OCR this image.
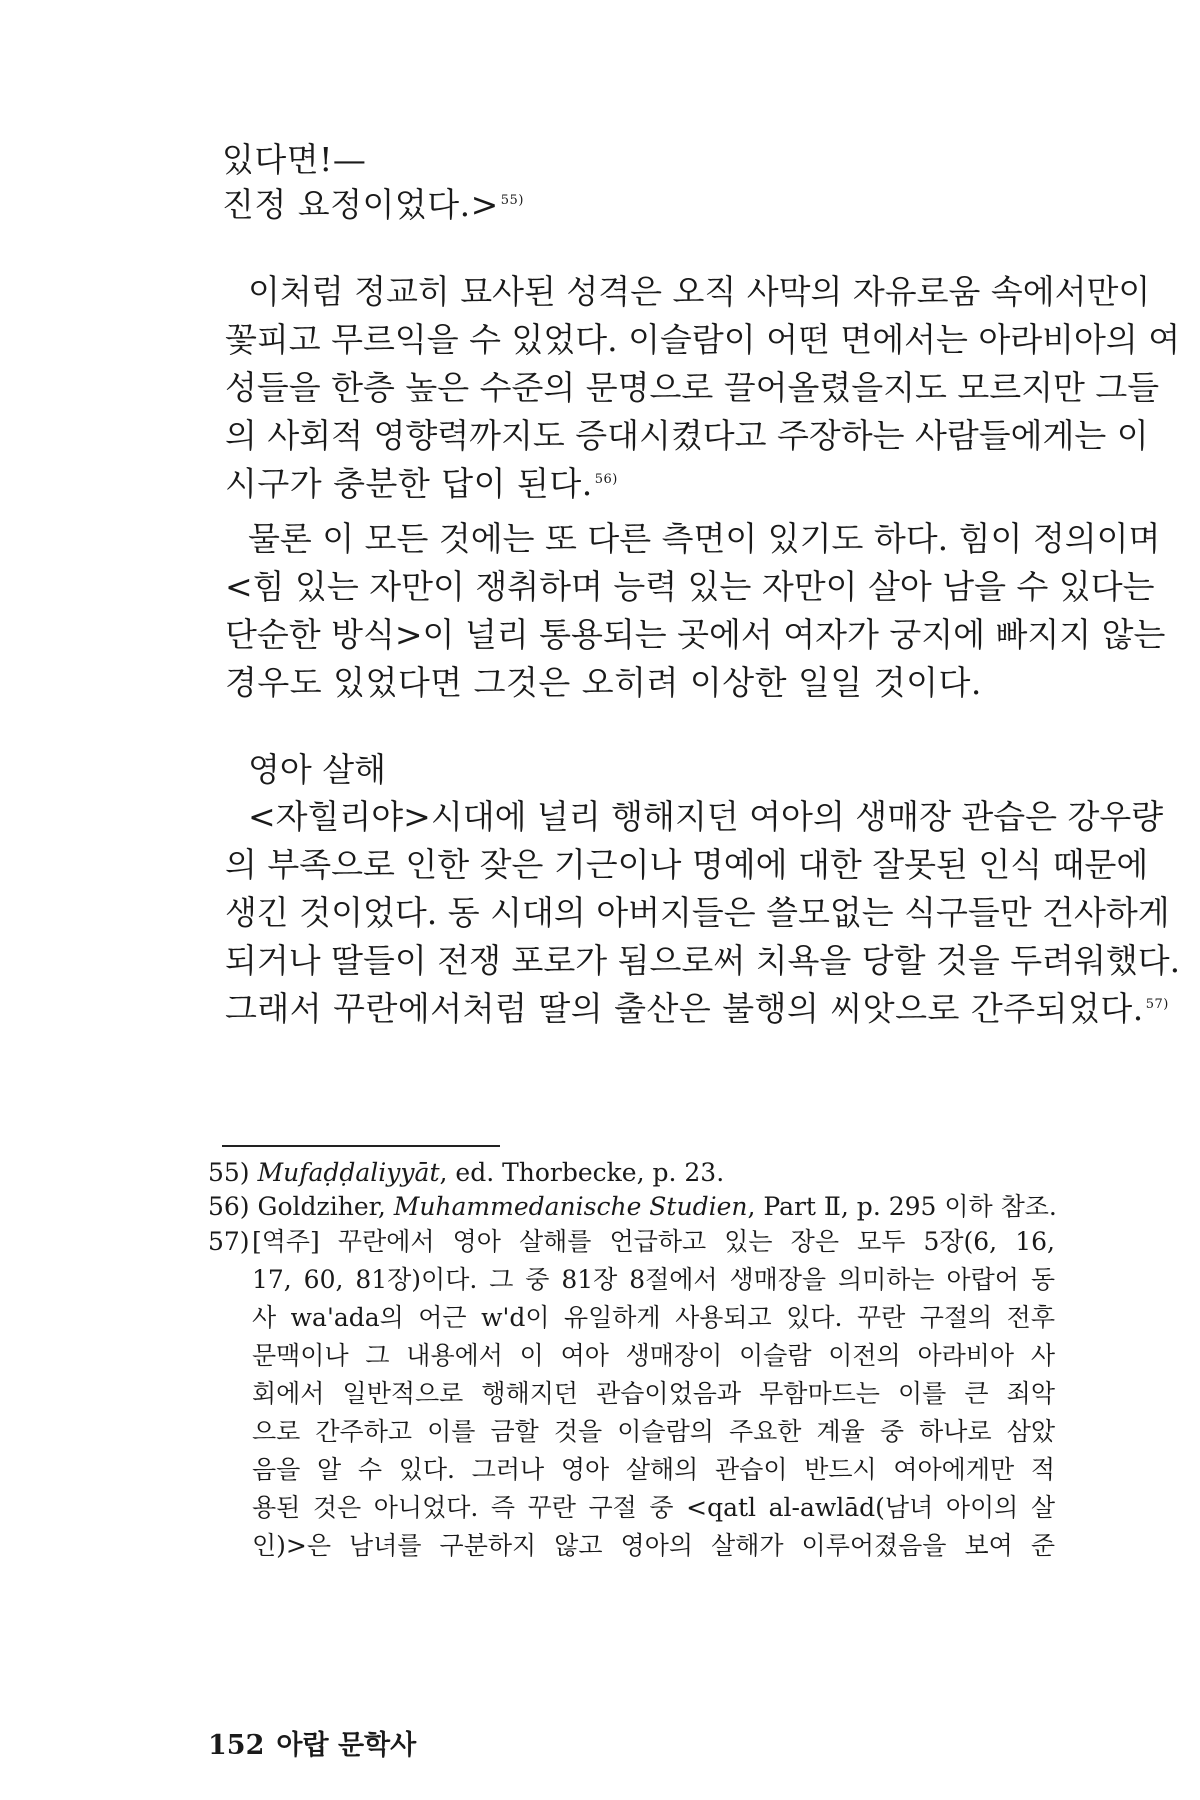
있다면!—
진정 요정이었다.> $^{55)}$
이처럼 정교히 묘사된 성격은 오직 사막의 자유로움 속에서만이
꽃피고 무르익을 수 있었다. 이슬람이 어떤 면에서는 아라비아의 여
성들을 한층 높은 수준의 문명으로 끌어올렸을지도 모르지만 그들
의 사회적 영향력까지도 증대시켰다고 주장하는 사람들에게는 이
시구가 충분한 답이 된다. $^{56)}$
물론 이 모든 것에는 또 다른 측면이 있기도 하다. 힘이 정의이며
<힘 있는 자만이 쟁취하며 능력 있는 자만이 살아 남을 수 있다는
단순한 방식>이 널리 통용되는 곳에서 여자가 궁지에 빠지지 않는
경우도 있었다면 그것은 오히려 이상한 일일 것이다.
영아 살해
<자힐리야>시대에 널리 행해지던 여아의 생매장 관습은 강우량
의 부족으로 인한 잦은 기근이나 명예에 대한 잘못된 인식 때문에
생긴 것이었다. 동 시대의 아버지들은 쓸모없는 식구들만 건사하게
되거나 딸들이 전쟁 포로가 됨으로써 치욕을 당할 것을 두려워했다.
그래서 꾸란에서처럼 딸의 출산은 불행의 씨앗으로 간주되었다. $^{57)}$
55) Mufaḍḍaliyyāt, ed. Thorbecke, p. 23.
56) Goldziher, Muhammedanische Studien, Part Ⅱ, p. 295 이하 참조.
57) [역주] 꾸란에서 영아 살해를 언급하고 있는 장은 모두 5장(6, 16,
17, 60, 81장)이다. 그 중 81장 8절에서 생매장을 의미하는 아랍어 동
사 wa'ada의 어근 w'd이 유일하게 사용되고 있다. 꾸란 구절의 전후
문맥이나 그 내용에서 이 여아 생매장이 이슬람 이전의 아라비아 사
회에서 일반적으로 행해지던 관습이었음과 무함마드는 이를 큰 죄악
으로 간주하고 이를 금할 것을 이슬람의 주요한 계율 중 하나로 삼았
음을 알 수 있다. 그러나 영아 살해의 관습이 반드시 여아에게만 적
용된 것은 아니었다. 즉 꾸란 구절 중 <qatl al-awlād(남녀 아이의 살
인)>은 남녀를 구분하지 않고 영아의 살해가 이루어졌음을 보여 준
152 아랍 문학사
